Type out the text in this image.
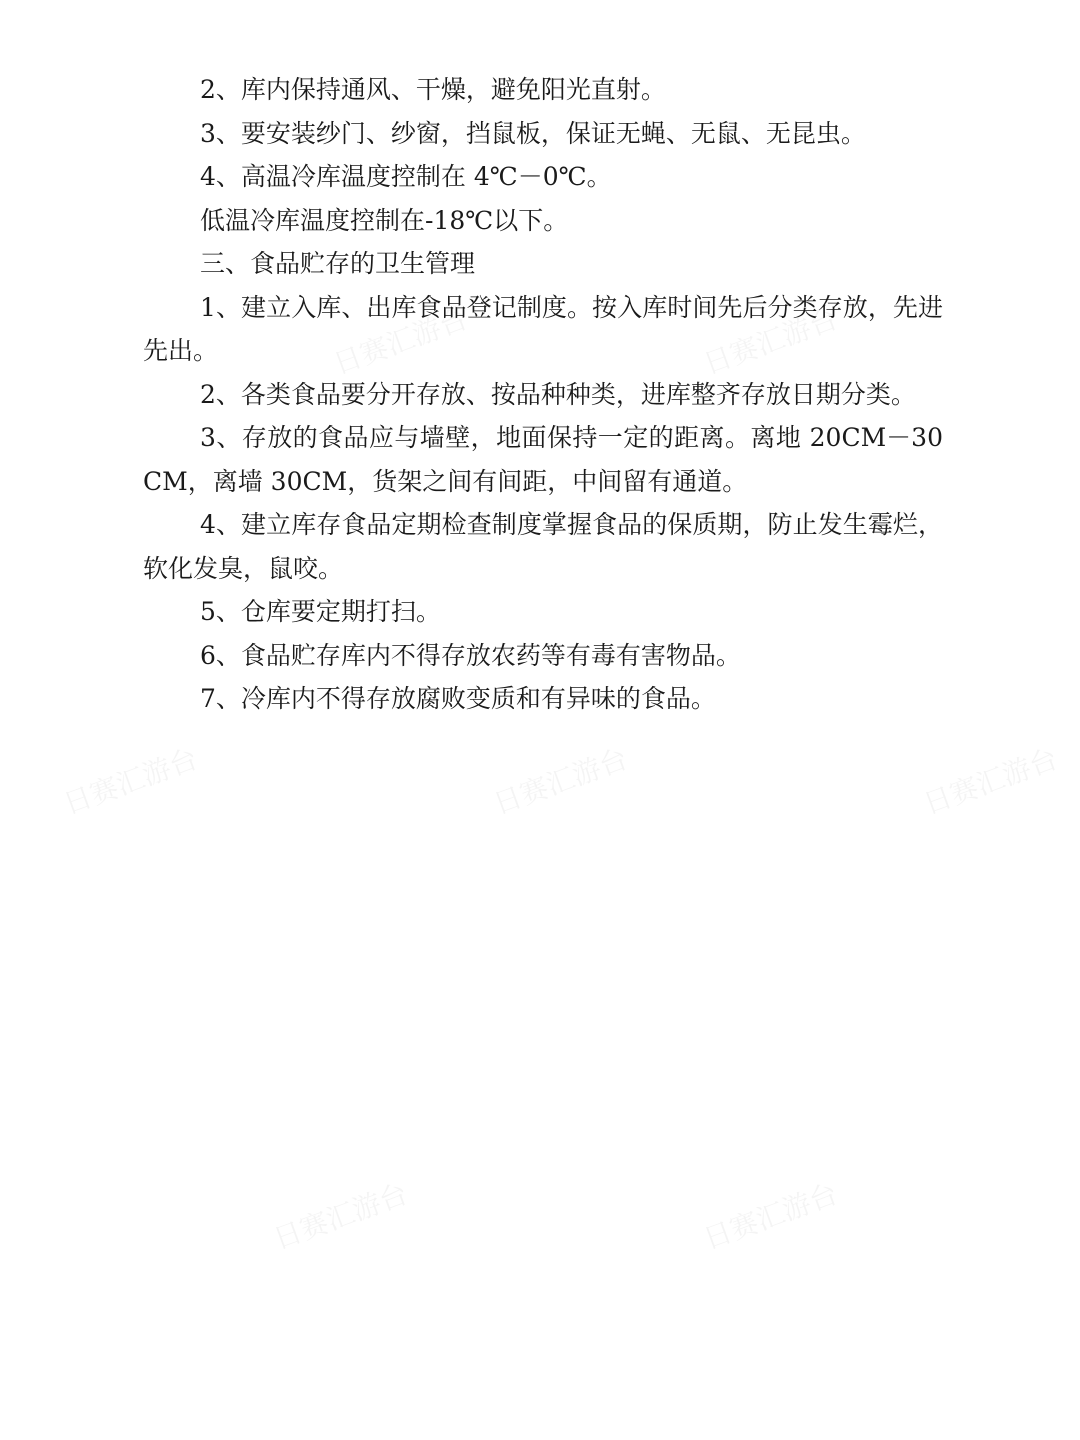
2、库内保持通风、干燥，避免阳光直射。

3、要安装纱门、纱窗，挡鼠板，保证无蝇、无鼠、无昆虫。

4、高温冷库温度控制在 4℃－0℃。

低温冷库温度控制在-18℃以下。

三、食品贮存的卫生管理

1、建立入库、出库食品登记制度。按入库时间先后分类存放，先进先出。

2、各类食品要分开存放、按品种种类，进库整齐存放日期分类。

3、存放的食品应与墙壁，地面保持一定的距离。离地 20CM－30CM，离墙 30CM，货架之间有间距，中间留有通道。

4、建立库存食品定期检查制度掌握食品的保质期，防止发生霉烂，软化发臭，鼠咬。

5、仓库要定期打扫。

6、食品贮存库内不得存放农药等有毒有害物品。

7、冷库内不得存放腐败变质和有异味的食品。
